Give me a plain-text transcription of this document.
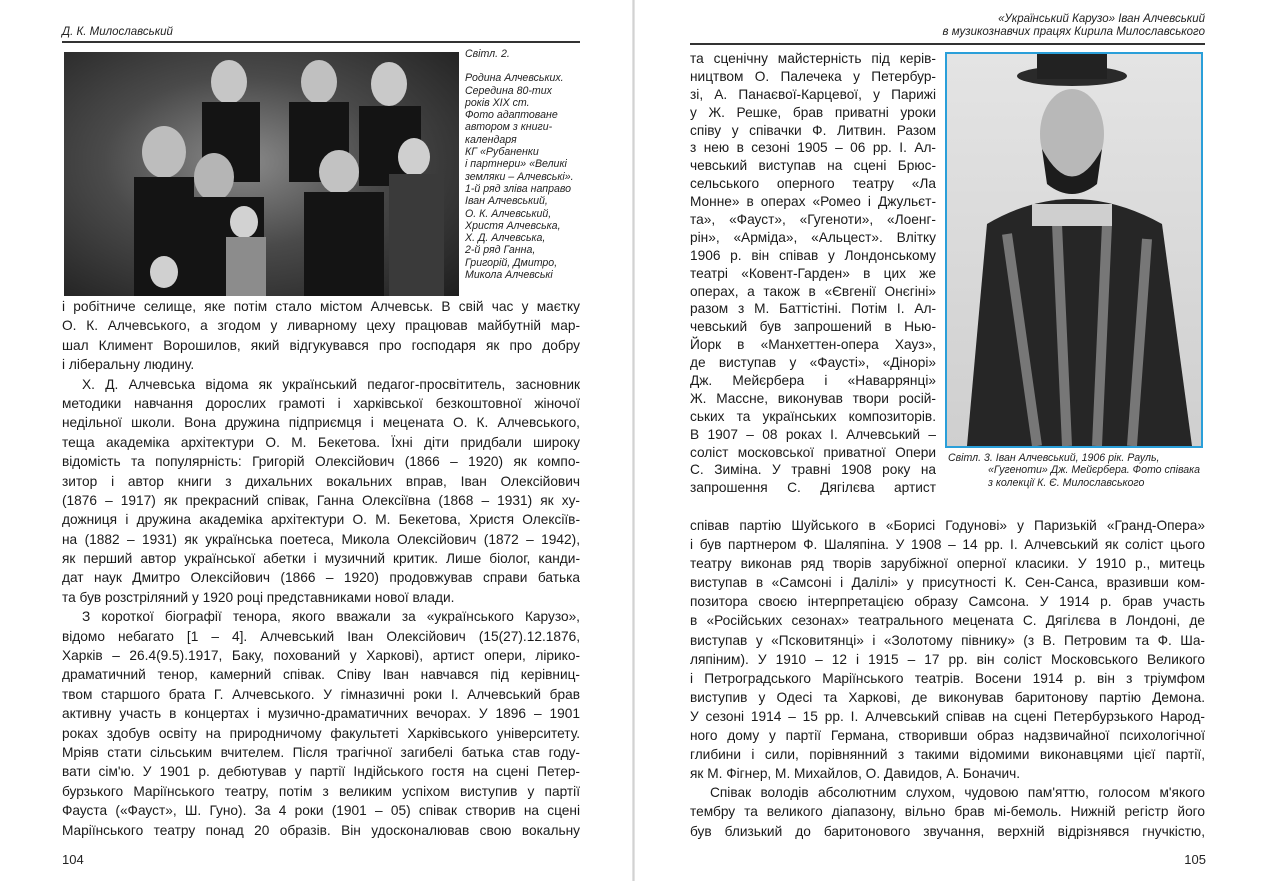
Д. К. Милославський
Світл. 2.
Родина Алчевських.
Середина 80-тих
років XIX ст.
Фото адаптоване
автором з книги-
календаря
КГ «Рубаненки
і партнери» «Великі
земляки – Алчевські».
1-й ряд зліва направо
Іван Алчевський,
О. К. Алчевський,
Христя Алчевська,
Х. Д. Алчевська,
2-й ряд Ганна,
Григорій, Дмитро,
Микола Алчевські
і робітниче селище, яке потім стало містом Алчевськ. В свій час у маєтку
О. К. Алчевського, а згодом у ливарному цеху працював майбутній мар-
шал Климент Ворошилов, який відгукувався про господаря як про добру
і ліберальну людину.
Х. Д. Алчевська відома як український педагог-просвітитель, засновник
методики навчання дорослих грамоті і харківської безкоштовної жіночої
недільної школи. Вона дружина підприємця і мецената О. К. Алчевського,
теща академіка архітектури О. М. Бекетова. Їхні діти придбали широку
відомість та популярність: Григорій Олексійович (1866 – 1920) як компо-
зитор і автор книги з дихальних вокальних вправ, Іван Олексійович
(1876 – 1917) як прекрасний співак, Ганна Олексіївна (1868 – 1931) як ху-
дожниця і дружина академіка архітектури О. М. Бекетова, Христя Олексіїв-
на (1882 – 1931) як українська поетеса, Микола Олексійович (1872 – 1942),
як перший автор української абетки і музичний критик. Лише біолог, канди-
дат наук Дмитро Олексійович (1866 – 1920) продовжував справи батька
та був розстріляний у 1920 році представниками нової влади.
З короткої біографії тенора, якого вважали за «українського Карузо»,
відомо небагато [1 – 4]. Алчевський Іван Олексійович (15(27).12.1876,
Харків – 26.4(9.5).1917, Баку, похований у Харкові), артист опери, лірико-
драматичний тенор, камерний співак. Співу Іван навчався під керівниц-
твом старшого брата Г. Алчевського. У гімназичні роки І. Алчевський брав
активну участь в концертах і музично-драматичних вечорах. У 1896 – 1901
роках здобув освіту на природничому факультеті Харківського університету.
Мріяв стати сільським вчителем. Після трагічної загибелі батька став году-
вати сім'ю. У 1901 р. дебютував у партії Індійського гостя на сцені Петер-
бурзького Маріїнського театру, потім з великим успіхом виступив у партії
Фауста («Фауст», Ш. Гуно). За 4 роки (1901 – 05) співак створив на сцені
Маріїнського театру понад 20 образів. Він удосконалював свою вокальну
104
«Український Карузо» Іван Алчевський
в музикознавчих працях Кирила Милославського
та сценічну майстерність під керів-
ництвом О. Палечека у Петербур-
зі, А. Панаєвої-Карцевої, у Парижі
у Ж. Решке, брав приватні уроки
співу у співачки Ф. Литвин. Разом
з нею в сезоні 1905 – 06 рр. І. Ал-
чевський виступав на сцені Брюс-
сельського оперного театру «Ла
Монне» в операх «Ромео і Джульєт-
та», «Фауст», «Гугеноти», «Лоенг-
рін», «Арміда», «Альцест». Влітку
1906 р. він співав у Лондонському
театрі «Ковент-Гарден» в цих же
операх, а також в «Євгенії Онєгіні»
разом з М. Баттістіні. Потім І. Ал-
чевський був запрошений в Нью-
Йорк в «Манхеттен-опера Хауз»,
де виступав у «Фаусті», «Дінорі»
Дж. Мейєрбера і «Наваррянці»
Ж. Массне, виконував твори росій-
ських та українських композиторів.
В 1907 – 08 роках І. Алчевський –
соліст московської приватної Опери
С. Зиміна. У травні 1908 року на
запрошення С. Дягілєва артист
Світл. 3. Іван Алчевський, 1906 рік. Рауль,
«Гугеноти» Дж. Мейєрбера. Фото співака
з колекції К. Є. Милославського
співав партію Шуйського в «Борисі Годунові» у Паризькій «Гранд-Опера»
і був партнером Ф. Шаляпіна. У 1908 – 14 рр. І. Алчевський як соліст цього
театру виконав ряд творів зарубіжної оперної класики. У 1910 р., митець
виступав в «Самсоні і Далілі» у присутності К. Сен-Санса, вразивши ком-
позитора своєю інтерпретацією образу Самсона. У 1914 р. брав участь
в «Російських сезонах» театрального мецената С. Дягілєва в Лондоні, де
виступав у «Псковитянці» і «Золотому півнику» (з В. Петровим та Ф. Ша-
ляпіним). У 1910 – 12 і 1915 – 17 рр. він соліст Московського Великого
і Петроградського Маріїнського театрів. Восени 1914 р. він з тріумфом
виступив у Одесі та Харкові, де виконував баритонову партію Демона.
У сезоні 1914 – 15 рр. І. Алчевський співав на сцені Петербурзького Народ-
ного дому у партії Германа, створивши образ надзвичайної психологічної
глибини і сили, порівнянний з такими відомими виконавцями цієї партії,
як М. Фігнер, М. Михайлов, О. Давидов, А. Боначич.
Співак володів абсолютним слухом, чудовою пам'яттю, голосом м'якого
тембру та великого діапазону, вільно брав мі-бемоль. Нижній регістр його
був близький до баритонового звучання, верхній відрізнявся гнучкістю,
105
